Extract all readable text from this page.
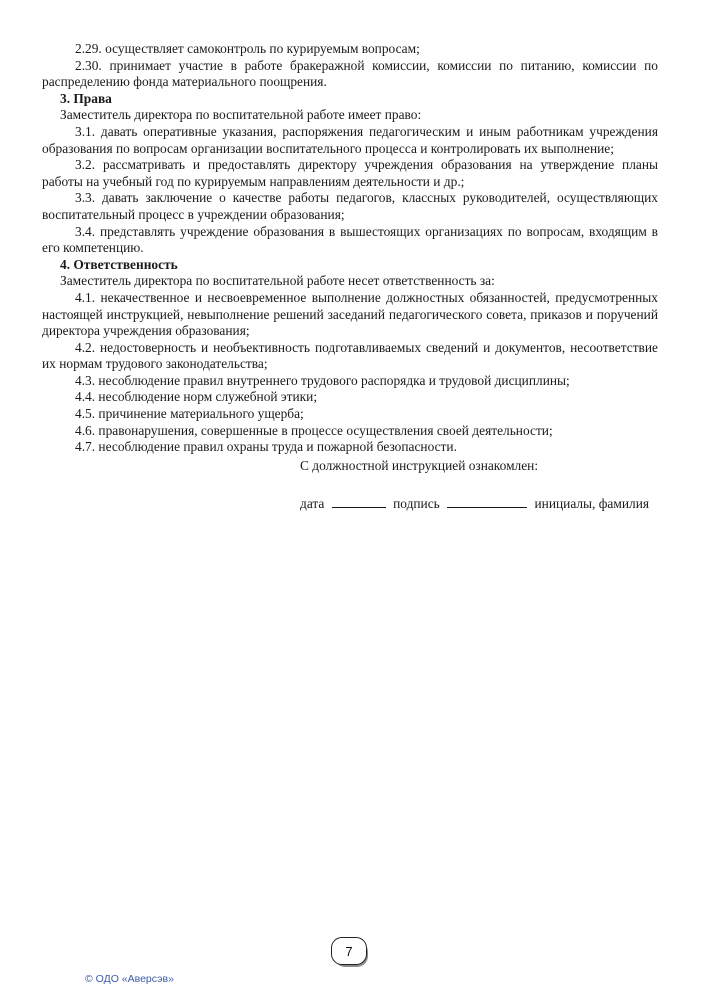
2.29. осуществляет самоконтроль по курируемым вопросам;

2.30. принимает участие в работе бракеражной комиссии, комиссии по питанию, комиссии по распределению фонда материального поощрения.

3. Права

Заместитель директора по воспитательной работе имеет право:

3.1. давать оперативные указания, распоряжения педагогическим и иным работникам учреждения образования по вопросам организации воспитательного процесса и контролировать их выполнение;

3.2. рассматривать и предоставлять директору учреждения образования на утверждение планы работы на учебный год по курируемым направлениям деятельности и др.;

3.3. давать заключение о качестве работы педагогов, классных руководителей, осуществляющих воспитательный процесс в учреждении образования;

3.4. представлять учреждение образования в вышестоящих организациях по вопросам, входящим в его компетенцию.

4. Ответственность

Заместитель директора по воспитательной работе несет ответственность за:

4.1. некачественное и несвоевременное выполнение должностных обязанностей, предусмотренных настоящей инструкцией, невыполнение решений заседаний педагогического совета, приказов и поручений директора учреждения образования;

4.2. недостоверность и необъективность подготавливаемых сведений и документов, несоответствие их нормам трудового законодательства;

4.3. несоблюдение правил внутреннего трудового распорядка и трудовой дисциплины;

4.4. несоблюдение норм служебной этики;

4.5. причинение материального ущерба;

4.6. правонарушения, совершенные в процессе осуществления своей деятельности;

4.7. несоблюдение правил охраны труда и пожарной безопасности.

С должностной инструкцией ознакомлен:

дата	подпись	инициалы, фамилия

7
© ОДО «Аверсэв»
